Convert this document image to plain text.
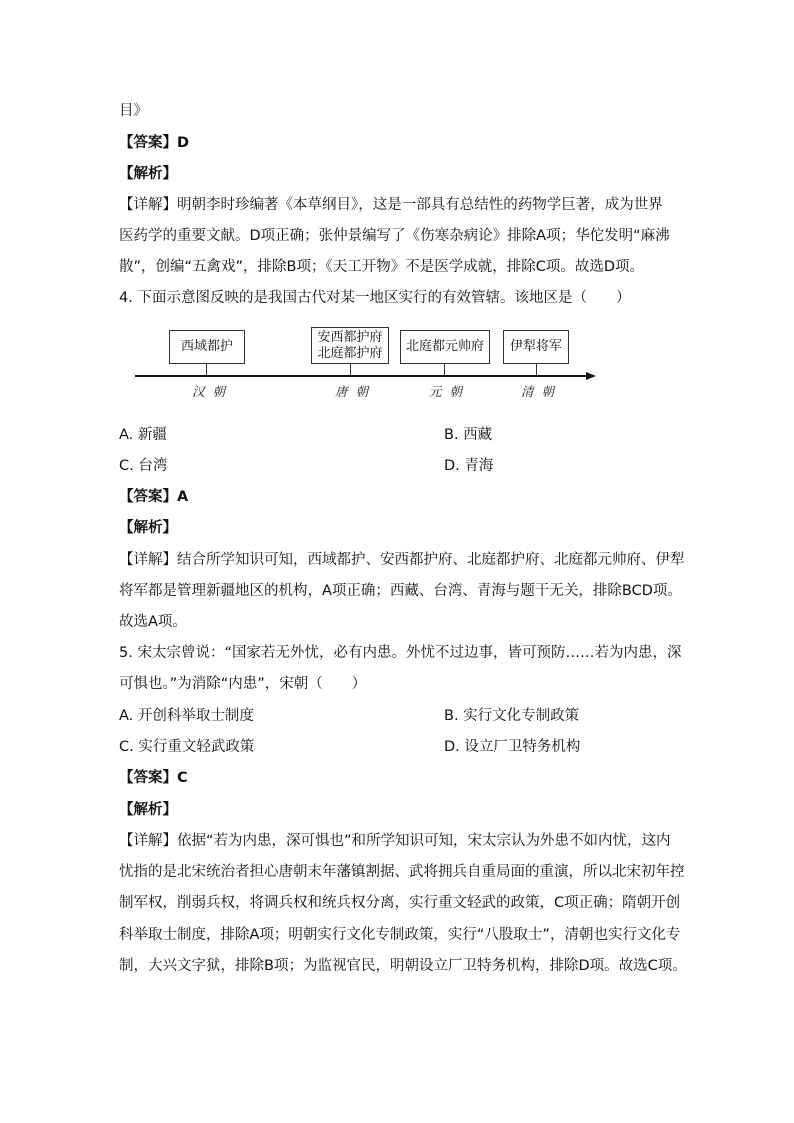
目》
【答案】D
【解析】
【详解】明朝李时珍编著《本草纲目》，这是一部具有总结性的药物学巨著，成为世界
医药学的重要文献。D项正确；张仲景编写了《伤寒杂病论》排除A项；华佗发明“麻沸
散”，创编“五禽戏”，排除B项；《天工开物》不是医学成就，排除C项。故选D项。
4. 下面示意图反映的是我国古代对某一地区实行的有效管辖。该地区是（　　）
西域都护
安西都护府
北庭都护府 北庭都元帅府 伊犁将军
汉朝	唐朝	元朝	清朝
A. 新疆	B. 西藏
C. 台湾	D. 青海
【答案】A
【解析】
【详解】结合所学知识可知，西域都护、安西都护府、北庭都护府、北庭都元帅府、伊犁
将军都是管理新疆地区的机构，A项正确；西藏、台湾、青海与题干无关，排除BCD项。
故选A项。
5. 宋太宗曾说：“国家若无外忧，必有内患。外忧不过边事，皆可预防……若为内患，深
可惧也。”为消除“内患”，宋朝（　　）
A. 开创科举取士制度	B. 实行文化专制政策
C. 实行重文轻武政策	D. 设立厂卫特务机构
【答案】C
【解析】
【详解】依据“若为内患，深可惧也”和所学知识可知，宋太宗认为外患不如内忧，这内
忧指的是北宋统治者担心唐朝末年藩镇割据、武将拥兵自重局面的重演，所以北宋初年控
制军权，削弱兵权，将调兵权和统兵权分离，实行重文轻武的政策，C项正确；隋朝开创
科举取士制度，排除A项；明朝实行文化专制政策，实行“八股取士”，清朝也实行文化专
制，大兴文字狱，排除B项；为监视官民，明朝设立厂卫特务机构，排除D项。故选C项。
